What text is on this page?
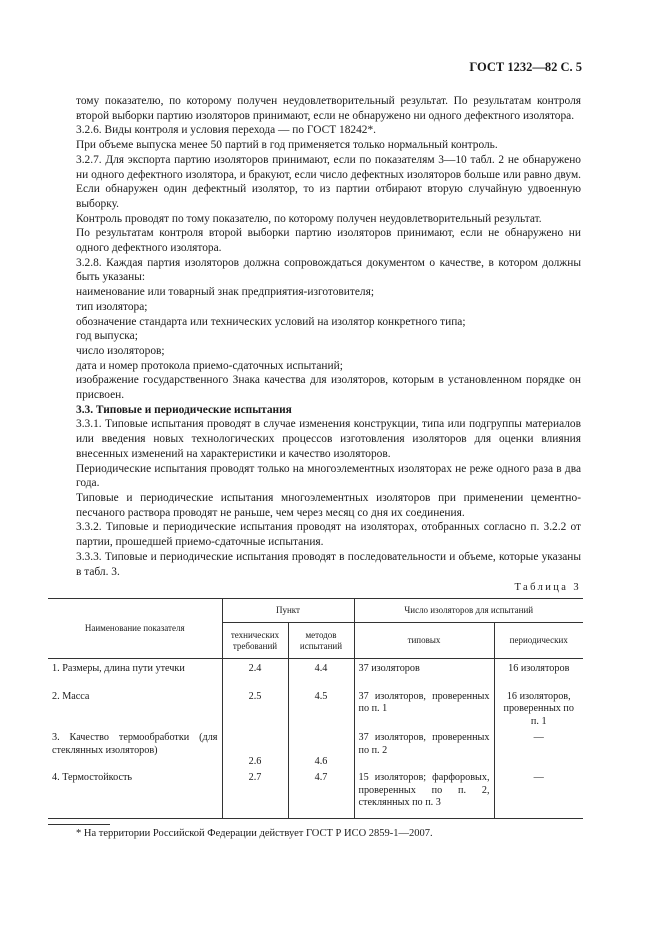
ГОСТ 1232—82 С. 5

тому показателю, по которому получен неудовлетворительный результат. По результатам контроля второй выборки партию изоляторов принимают, если не обнаружено ни одного дефектного изолятора.

3.2.6. Виды контроля и условия перехода — по ГОСТ 18242*.

При объеме выпуска менее 50 партий в год применяется только нормальный контроль.

3.2.7. Для экспорта партию изоляторов принимают, если по показателям 3—10 табл. 2 не обнаружено ни одного дефектного изолятора, и бракуют, если число дефектных изоляторов больше или равно двум. Если обнаружен один дефектный изолятор, то из партии отбирают вторую случайную удвоенную выборку.

Контроль проводят по тому показателю, по которому получен неудовлетворительный результат.

По результатам контроля второй выборки партию изоляторов принимают, если не обнаружено ни одного дефектного изолятора.

3.2.8. Каждая партия изоляторов должна сопровождаться документом о качестве, в котором должны быть указаны:

наименование или товарный знак предприятия-изготовителя;

тип изолятора;

обозначение стандарта или технических условий на изолятор конкретного типа;

год выпуска;

число изоляторов;

дата и номер протокола приемо-сдаточных испытаний;

изображение государственного Знака качества для изоляторов, которым в установленном порядке он присвоен.

3.3. Типовые и периодические испытания

3.3.1. Типовые испытания проводят в случае изменения конструкции, типа или подгруппы материалов или введения новых технологических процессов изготовления изоляторов для оценки влияния внесенных изменений на характеристики и качество изоляторов.

Периодические испытания проводят только на многоэлементных изоляторах не реже одного раза в два года.

Типовые и периодические испытания многоэлементных изоляторов при применении цементно-песчаного раствора проводят не раньше, чем через месяц со дня их соединения.

3.3.2. Типовые и периодические испытания проводят на изоляторах, отобранных согласно п. 3.2.2 от партии, прошедшей приемо-сдаточные испытания.

3.3.3. Типовые и периодические испытания проводят в последовательности и объеме, которые указаны в табл. 3.

Таблица 3
Наименование показателя	Пункт		Число изоляторов для испытаний	
	технических требований	методов испытаний	типовых	периодических
1. Размеры, длина пути утечки	2.4	4.4	37 изоляторов	16 изоляторов
2. Масса	2.5	4.5	37 изоляторов, проверенных по п. 1	16 изоляторов, проверенных по п. 1
3. Качество термообработки (для стеклянных изоляторов)	2.6	4.6	37 изоляторов, проверенных по п. 2	—
4. Термостойкость	2.7	4.7	15 изоляторов; фарфоровых, проверенных по п. 2, стеклянных по п. 3	—
* На территории Российской Федерации действует ГОСТ Р ИСО 2859-1—2007.
